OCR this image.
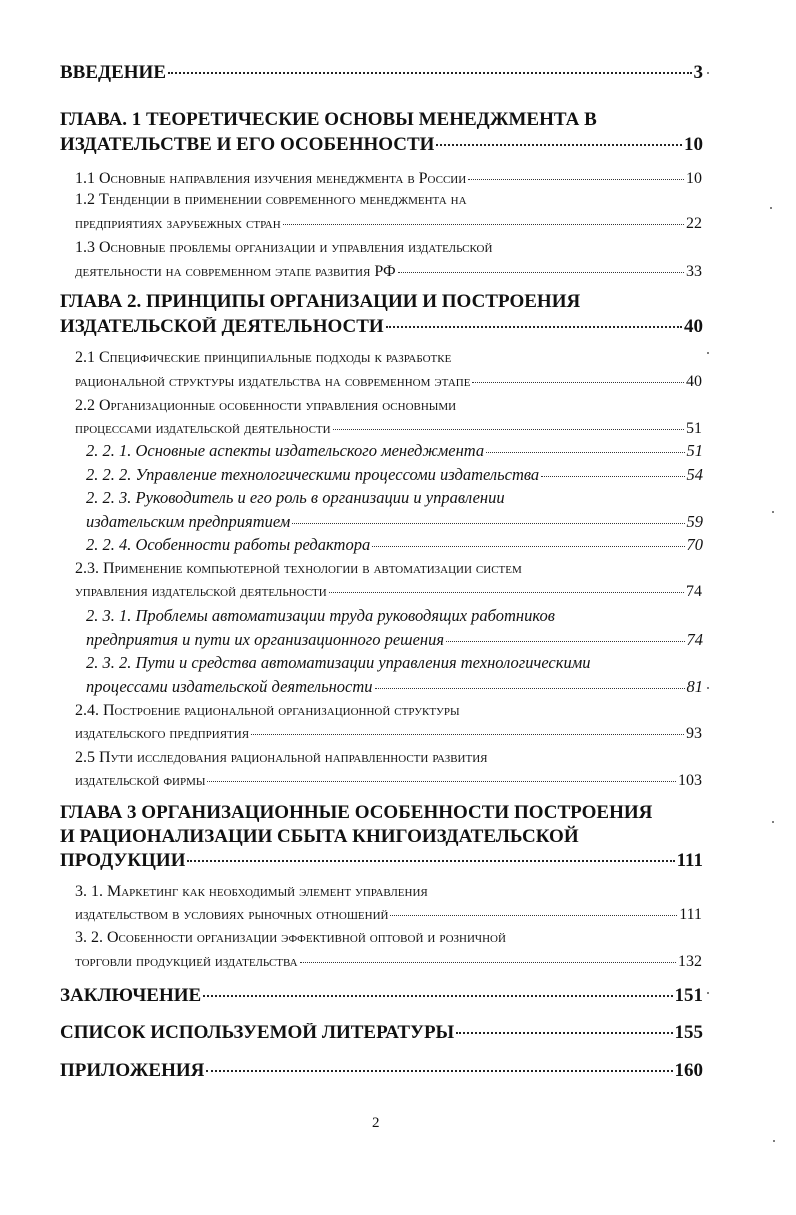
ВВЕДЕНИЕ	3
ГЛАВА. 1 ТЕОРЕТИЧЕСКИЕ ОСНОВЫ МЕНЕДЖМЕНТА В
ИЗДАТЕЛЬСТВЕ И ЕГО ОСОБЕННОСТИ	10
1.1 Основные направления изучения менеджмента в России	10
1.2 Тенденции в применении современного менеджмента на
предприятиях зарубежных стран	22
1.3 Основные проблемы организации и управления издательской
деятельности на современном этапе развития РФ	33
ГЛАВА 2. ПРИНЦИПЫ ОРГАНИЗАЦИИ И ПОСТРОЕНИЯ
ИЗДАТЕЛЬСКОЙ ДЕЯТЕЛЬНОСТИ	40
2.1 Специфические принципиальные подходы к разработке
рациональной структуры издательства на современном этапе	40
2.2 Организационные особенности управления основными
процессами издательской деятельности	51
2. 2. 1. Основные аспекты издательского менеджмента	51
2. 2. 2. Управление технологическими процессоми издательства	54
2. 2. 3. Руководитель и его роль в организации и управлении
издательским предприятием	59
2. 2. 4. Особенности работы редактора	70
2.3. Применение компьютерной технологии в автоматизации систем
управления издательской деятельности	74
2. 3. 1. Проблемы автоматизации труда руководящих работников
предприятия и пути их организационного решения	74
2. 3. 2. Пути и средства автоматизации управления технологическими
процессами издательской деятельности	81
2.4. Построение рациональной организационной структуры
издательского предприятия	93
2.5 Пути исследования рациональной направленности развития
издательской фирмы	103
ГЛАВА 3 ОРГАНИЗАЦИОННЫЕ ОСОБЕННОСТИ ПОСТРОЕНИЯ
И РАЦИОНАЛИЗАЦИИ СБЫТА КНИГОИЗДАТЕЛЬСКОЙ
ПРОДУКЦИИ	111
3. 1. Маркетинг как необходимый элемент управления
издательством в условиях рыночных отношений	111
3. 2. Особенности организации эффективной оптовой и розничной
торговли продукцией издательства	132
ЗАКЛЮЧЕНИЕ	151
СПИСОК ИСПОЛЬЗУЕМОЙ ЛИТЕРАТУРЫ	155
ПРИЛОЖЕНИЯ	160
2
